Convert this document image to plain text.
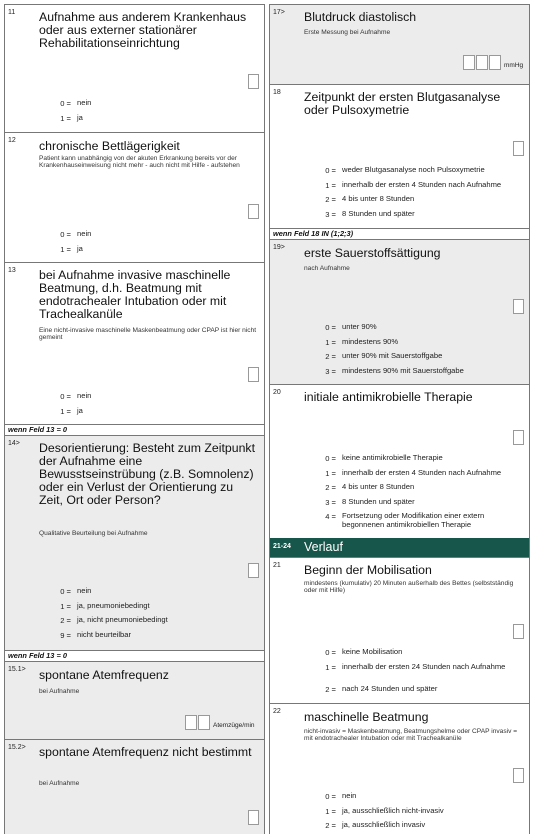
11 Aufnahme aus anderem Krankenhaus oder aus externer stationärer Rehabilitationseinrichtung
0 = nein
1 = ja
12 chronische Bettlägerigkeit
Patient kann unabhängig von der akuten Erkrankung bereits vor der Krankenhauseinweisung nicht mehr - auch nicht mit Hilfe - aufstehen
0 = nein
1 = ja
13 bei Aufnahme invasive maschinelle Beatmung, d.h. Beatmung mit endotrachealer Intubation oder mit Trachealkanüle
Eine nicht-invasive maschinelle Maskenbeatmung oder CPAP ist hier nicht gemeint
0 = nein
1 = ja
wenn Feld 13 = 0
14> Desorientierung: Besteht zum Zeitpunkt der Aufnahme eine Bewusstseinstrübung (z.B. Somnolenz) oder ein Verlust der Orientierung zu Zeit, Ort oder Person?
Qualitative Beurteilung bei Aufnahme
0 = nein
1 = ja, pneumoniebedingt
2 = ja, nicht pneumoniebedingt
9 = nicht beurteilbar
wenn Feld 13 = 0
15.1> spontane Atemfrequenz
bei Aufnahme
Atemzüge/min
15.2> spontane Atemfrequenz nicht bestimmt
bei Aufnahme
17> Blutdruck diastolisch
Erste Messung bei Aufnahme
mmHg
18 Zeitpunkt der ersten Blutgasanalyse oder Pulsoxymetrie
0 = weder Blutgasanalyse noch Pulsoxymetrie
1 = innerhalb der ersten 4 Stunden nach Aufnahme
2 = 4 bis unter 8 Stunden
3 = 8 Stunden und später
wenn Feld 18 IN (1;2;3)
19> erste Sauerstoffsättigung
nach Aufnahme
0 = unter 90%
1 = mindestens 90%
2 = unter 90% mit Sauerstoffgabe
3 = mindestens 90% mit Sauerstoffgabe
20 initiale antimikrobielle Therapie
0 = keine antimikrobielle Therapie
1 = innerhalb der ersten 4 Stunden nach Aufnahme
2 = 4 bis unter 8 Stunden
3 = 8 Stunden und später
4 = Fortsetzung oder Modifikation einer extern begonnenen antimikrobiellen Therapie
21-24 Verlauf
21 Beginn der Mobilisation
mindestens (kumulativ) 20 Minuten außerhalb des Bettes (selbstständig oder mit Hilfe)
0 = keine Mobilisation
1 = innerhalb der ersten 24 Stunden nach Aufnahme
2 = nach 24 Stunden und später
22 maschinelle Beatmung
nicht-invasiv = Maskenbeatmung, Beatmungshelme oder CPAP invasiv = mit endotrachealer Intubation oder mit Trachealkanüle
0 = nein
1 = ja, ausschließlich nicht-invasiv
2 = ja, ausschließlich invasiv
